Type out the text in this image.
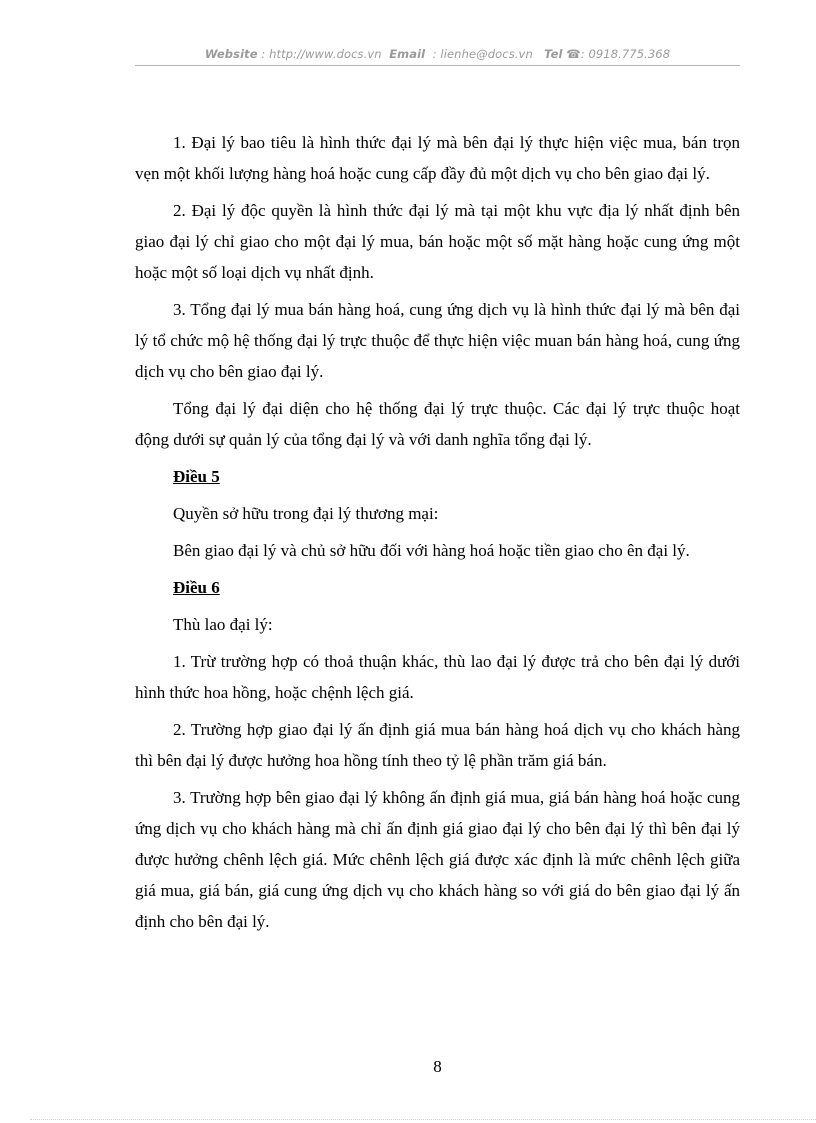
Website : http://www.docs.vn Email : lienhe@docs.vn Tel ☎: 0918.775.368

1. Đại lý bao tiêu là hình thức đại lý mà bên đại lý thực hiện việc mua, bán trọn vẹn một khối lượng hàng hoá hoặc cung cấp đầy đủ một dịch vụ cho bên giao đại lý.

2. Đại lý độc quyền là hình thức đại lý mà tại một khu vực địa lý nhất định bên giao đại lý chỉ giao cho một đại lý mua, bán hoặc một số mặt hàng hoặc cung ứng một hoặc một số loại dịch vụ nhất định.

3. Tổng đại lý mua bán hàng hoá, cung ứng dịch vụ là hình thức đại lý mà bên đại lý tổ chức mộ hệ thống đại lý trực thuộc để thực hiện việc muan bán hàng hoá, cung ứng dịch vụ cho bên giao đại lý.

Tổng đại lý đại diện cho hệ thống đại lý trực thuộc. Các đại lý trực thuộc hoạt động dưới sự quản lý của tổng đại lý và với danh nghĩa tổng đại lý.

Điều 5

Quyền sở hữu trong đại lý thương mại:

Bên giao đại lý và chủ sở hữu đối với hàng hoá hoặc tiền giao cho ên đại lý.

Điều 6

Thù lao đại lý:

1. Trừ trường hợp có thoả thuận khác, thù lao đại lý được trả cho bên đại lý dưới hình thức hoa hồng, hoặc chệnh lệch giá.

2. Trường hợp giao đại lý ấn định giá mua bán hàng hoá dịch vụ cho khách hàng thì bên đại lý được hưởng hoa hồng tính theo tỷ lệ phần trăm giá bán.

3. Trường hợp bên giao đại lý không ấn định giá mua, giá bán hàng hoá hoặc cung ứng dịch vụ cho khách hàng mà chỉ ấn định giá giao đại lý cho bên đại lý thì bên đại lý được hưởng chênh lệch giá. Mức chênh lệch giá được xác định là mức chênh lệch giữa giá mua, giá bán, giá cung ứng dịch vụ cho khách hàng so với giá do bên giao đại lý ấn định cho bên đại lý.

8
